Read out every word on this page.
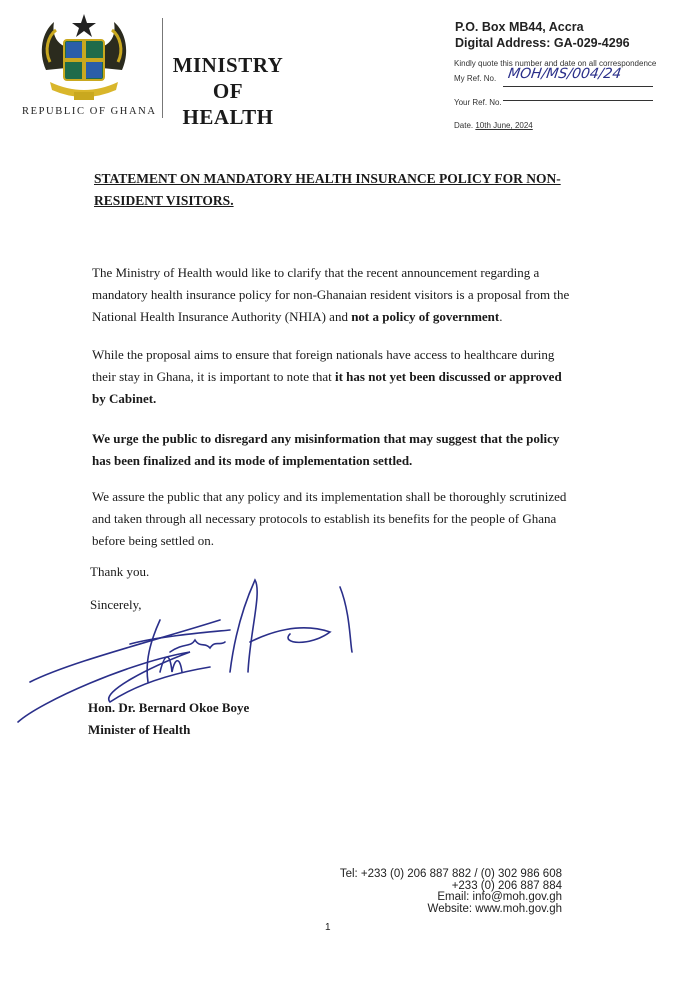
REPUBLIC OF GHANA
MINISTRY
OF
HEALTH
P.O. Box MB44, Accra
Digital Address: GA-029-4296
Kindly quote this number and date on all correspondence
My Ref. No. MOH/MS/004/24
Your Ref. No.
Date. 10th June, 2024
STATEMENT ON MANDATORY HEALTH INSURANCE POLICY FOR NON-RESIDENT VISITORS.
The Ministry of Health would like to clarify that the recent announcement regarding a mandatory health insurance policy for non-Ghanaian resident visitors is a proposal from the National Health Insurance Authority (NHIA) and not a policy of government.
While the proposal aims to ensure that foreign nationals have access to healthcare during their stay in Ghana, it is important to note that it has not yet been discussed or approved by Cabinet.
We urge the public to disregard any misinformation that may suggest that the policy has been finalized and its mode of implementation settled.
We assure the public that any policy and its implementation shall be thoroughly scrutinized and taken through all necessary protocols to establish its benefits for the people of Ghana before being settled on.
Thank you.
Sincerely,
Hon. Dr. Bernard Okoe Boye
Minister of Health
Tel: +233 (0) 206 887 882 / (0) 302 986 608
+233 (0) 206 887 884
Email: info@moh.gov.gh
Website: www.moh.gov.gh
1
